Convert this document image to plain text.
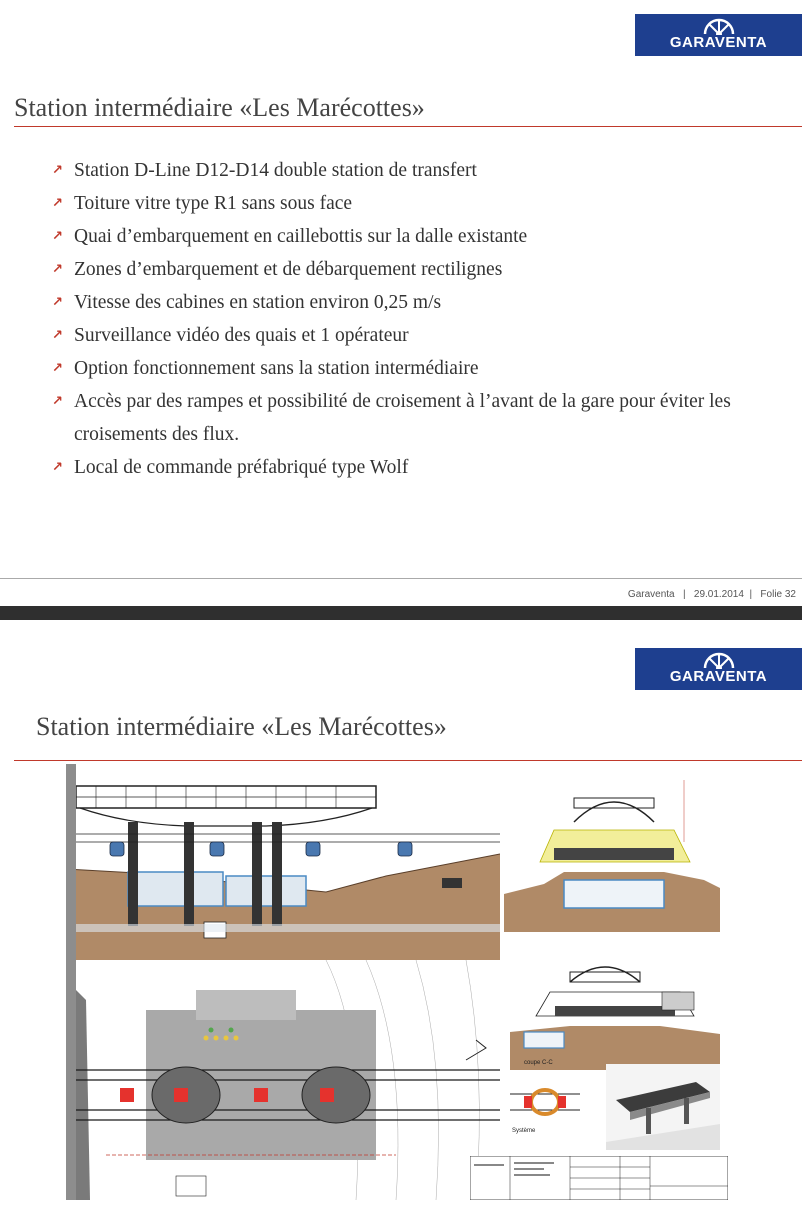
GARAVENTA
Station intermédiaire «Les Marécottes»
↗ Station D-Line D12-D14 double station de transfert
↗ Toiture vitre type R1 sans sous face
↗ Quai d’embarquement en caillebottis sur la dalle existante
↗ Zones d’embarquement et de débarquement rectilignes
↗ Vitesse des cabines en station environ 0,25 m/s
↗ Surveillance vidéo des quais et 1 opérateur
↗ Option fonctionnement sans la station intermédiaire
↗ Accès par des rampes et possibilité de croisement à l’avant de la gare pour éviter les croisements des flux.
↗ Local de commande préfabriqué type Wolf
Garaventa   |   29.01.2014  |   Folie 32
GARAVENTA
Station intermédiaire «Les Marécottes»
coupe C-C
Système
